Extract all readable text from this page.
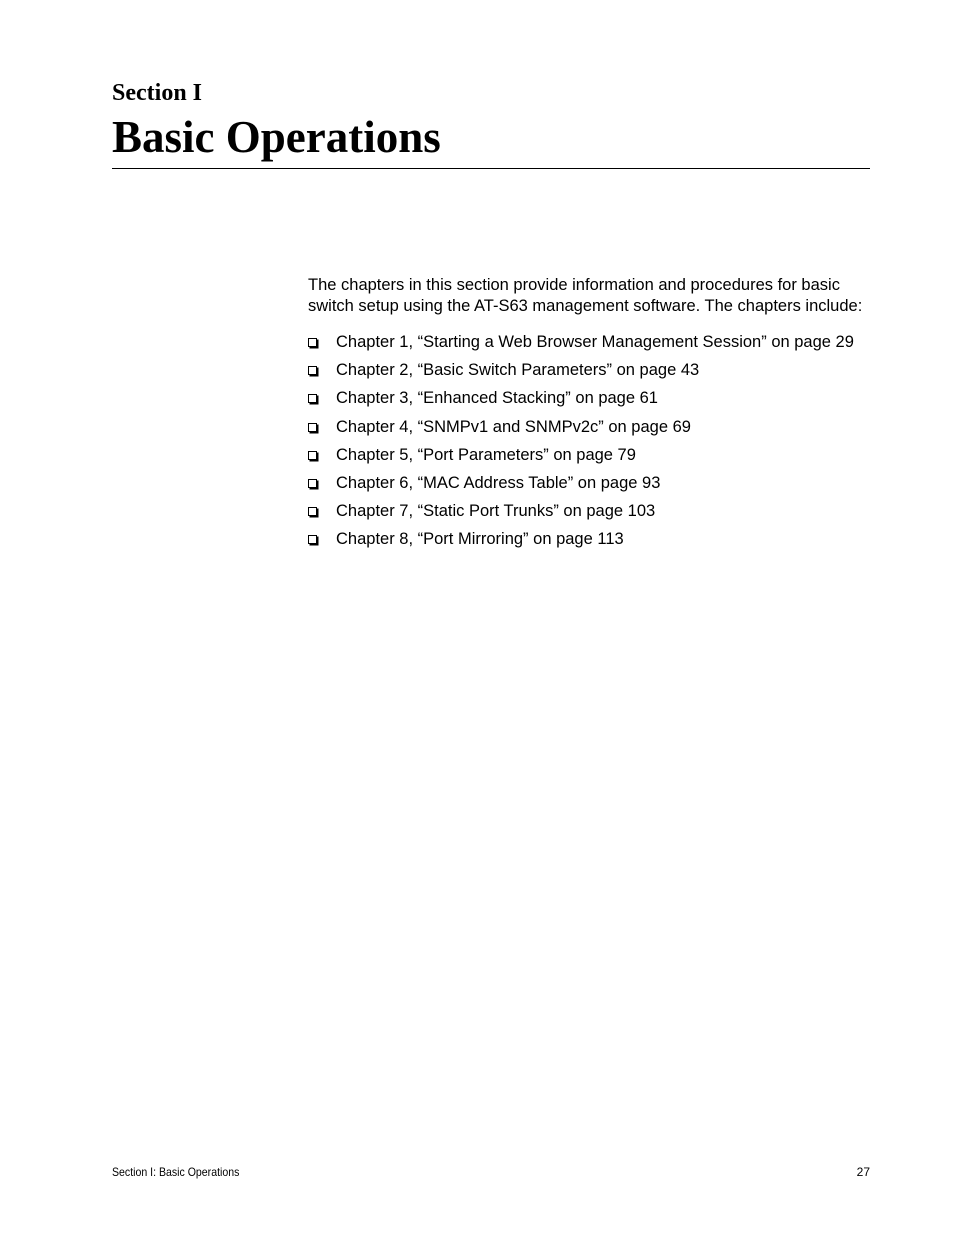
Section I
Basic Operations

The chapters in this section provide information and procedures for basic switch setup using the AT-S63 management software. The chapters include:

Chapter 1, “Starting a Web Browser Management Session” on page 29
Chapter 2, “Basic Switch Parameters” on page 43
Chapter 3, “Enhanced Stacking” on page 61
Chapter 4, “SNMPv1 and SNMPv2c” on page 69
Chapter 5, “Port Parameters” on page 79
Chapter 6, “MAC Address Table” on page 93
Chapter 7, “Static Port Trunks” on page 103
Chapter 8, “Port Mirroring” on page 113
Section I: Basic Operations	27
